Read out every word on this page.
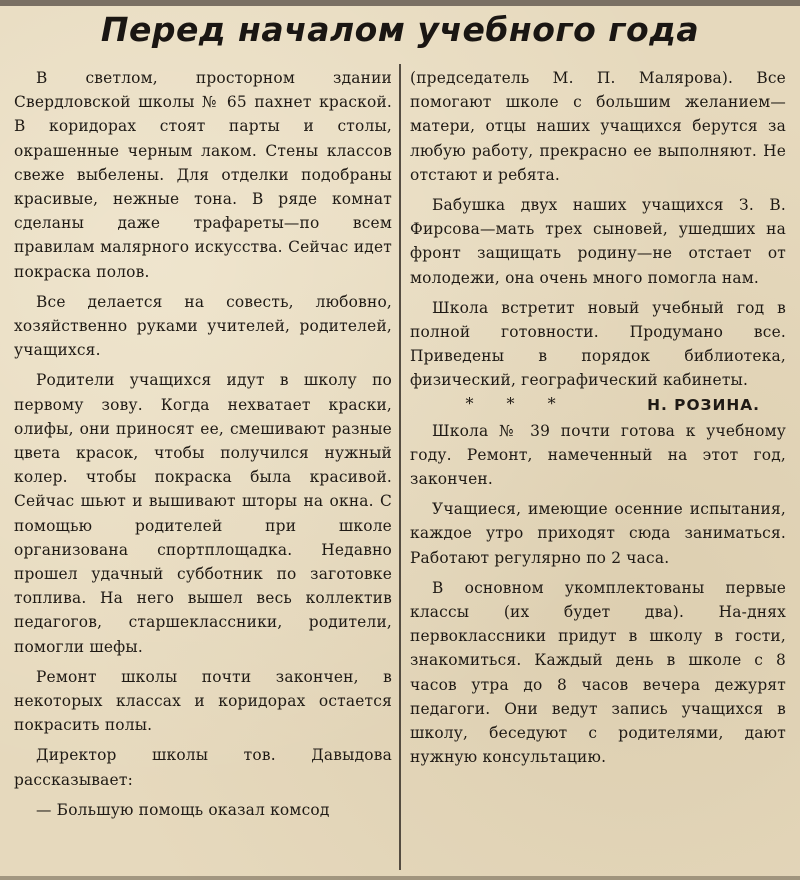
Перед началом учебного года

В светлом, просторном здании Свердловской школы № 65 пахнет краской. В коридорах стоят парты и столы, окрашенные черным лаком. Стены классов свеже выбелены. Для отделки подобраны красивые, нежные тона. В ряде комнат сделаны даже трафареты—по всем правилам малярного искусства. Сейчас идет покраска полов.

Все делается на совесть, любовно, хозяйственно руками учителей, родителей, учащихся.

Родители учащихся идут в школу по первому зову. Когда нехватает краски, олифы, они приносят ее, смешивают разные цвета красок, чтобы получился нужный колер. чтобы покраска была красивой. Сейчас шьют и вышивают шторы на окна. С помощью родителей при школе организована спортплощадка. Недавно прошел удачный субботник по заготовке топлива. На него вышел весь коллектив педагогов, старшеклассники, родители, помогли шефы.

Ремонт школы почти закончен, в некоторых классах и коридорах остается покрасить полы.

Директор школы тов. Давыдова рассказывает:

— Большую помощь оказал комсод

(председатель М. П. Малярова). Все помогают школе с большим желанием—матери, отцы наших учащихся берутся за любую работу, прекрасно ее выполняют. Не отстают и ребята.

Бабушка двух наших учащихся З. В. Фирсова—мать трех сыновей, ушедших на фронт защищать родину—не отстает от молодежи, она очень много помогла нам.

Школа встретит новый учебный год в полной готовности. Продумано все. Приведены в порядок библиотека, физический, географический кабинеты.
Н. РОЗИНА.

* * *

Школа № 39 почти готова к учебному году. Ремонт, намеченный на этот год, закончен.

Учащиеся, имеющие осенние испытания, каждое утро приходят сюда заниматься. Работают регулярно по 2 часа.

В основном укомплектованы первые классы (их будет два). На-днях первоклассники придут в школу в гости, знакомиться. Каждый день в школе с 8 часов утра до 8 часов вечера дежурят педагоги. Они ведут запись учащихся в школу, беседуют с родителями, дают нужную консультацию.
